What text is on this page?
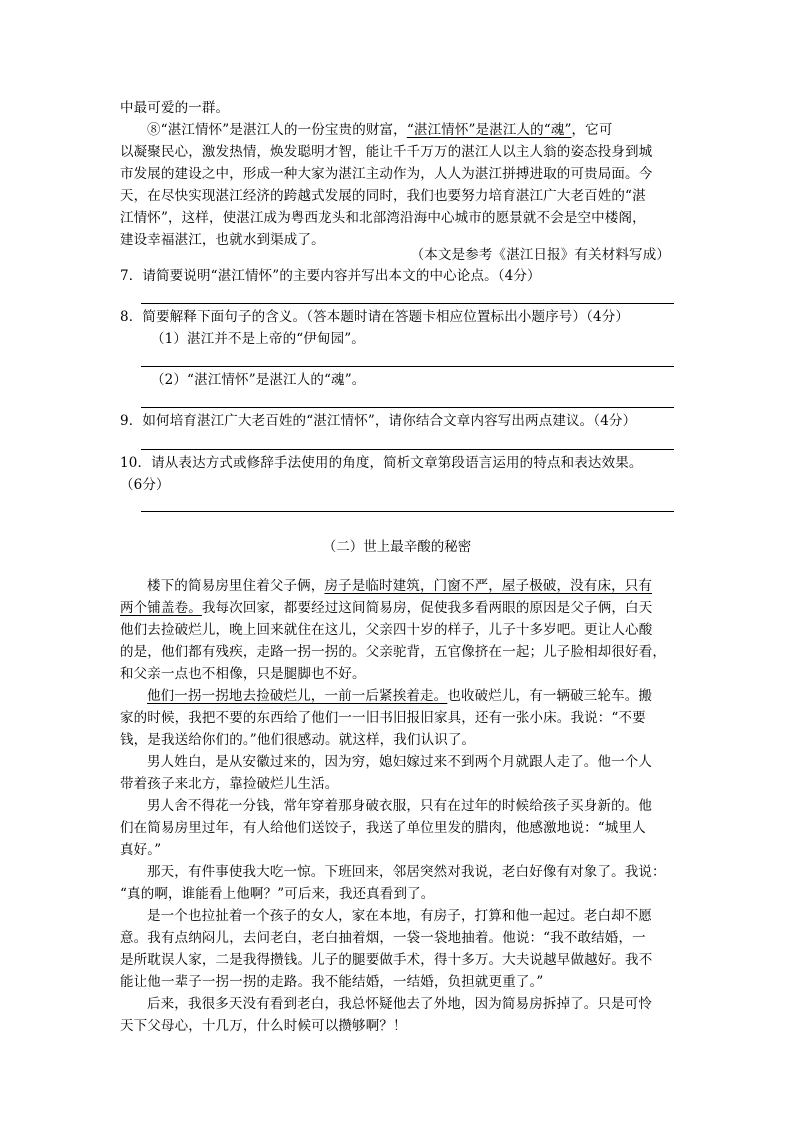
中最可爱的一群。
⑧“湛江情怀”是湛江人的一份宝贵的财富，“湛江情怀”是湛江人的“魂”，它可
以凝聚民心，激发热情，焕发聪明才智，能让千千万万的湛江人以主人翁的姿态投身到城
市发展的建设之中，形成一种大家为湛江主动作为，人人为湛江拼搏进取的可贵局面。今
天，在尽快实现湛江经济的跨越式发展的同时，我们也要努力培育湛江广大老百姓的“湛
江情怀”，这样，使湛江成为粤西龙头和北部湾沿海中心城市的愿景就不会是空中楼阁，
建设幸福湛江，也就水到渠成了。
（本文是参考《湛江日报》有关材料写成）
7．请简要说明“湛江情怀”的主要内容并写出本文的中心论点。（4分）
8．简要解释下面句子的含义。（答本题时请在答题卡相应位置标出小题序号）（4分）
（1）湛江并不是上帝的“伊甸园”。
（2）“湛江情怀”是湛江人的“魂”。
9．如何培育湛江广大老百姓的“湛江情怀”，请你结合文章内容写出两点建议。（4分）
10．请从表达方式或修辞手法使用的角度，简析文章第段语言运用的特点和表达效果。
（6分）
（二）世上最辛酸的秘密
楼下的简易房里住着父子俩，房子是临时建筑，门窗不严，屋子极破，没有床，只有
两个铺盖卷。我每次回家，都要经过这间简易房，促使我多看两眼的原因是父子俩，白天
他们去捡破烂儿，晚上回来就住在这儿，父亲四十岁的样子，儿子十多岁吧。更让人心酸
的是，他们都有残疾，走路一拐一拐的。父亲驼背，五官像挤在一起；儿子脸相却很好看，
和父亲一点也不相像，只是腿脚也不好。
他们一拐一拐地去捡破烂儿，一前一后紧挨着走。也收破烂儿，有一辆破三轮车。搬
家的时候，我把不要的东西给了他们一一旧书旧报旧家具，还有一张小床。我说：“不要
钱，是我送给你们的。”他们很感动。就这样，我们认识了。
男人姓白，是从安徽过来的，因为穷，媳妇嫁过来不到两个月就跟人走了。他一个人
带着孩子来北方，靠捡破烂儿生活。
男人舍不得花一分钱，常年穿着那身破衣服，只有在过年的时候给孩子买身新的。他
们在简易房里过年，有人给他们送饺子，我送了单位里发的腊肉，他感激地说：“城里人
真好。”
那天，有件事使我大吃一惊。下班回来，邻居突然对我说，老白好像有对象了。我说：
“真的啊，谁能看上他啊？”可后来，我还真看到了。
是一个也拉扯着一个孩子的女人，家在本地，有房子，打算和他一起过。老白却不愿
意。我有点纳闷儿，去问老白，老白抽着烟，一袋一袋地抽着。他说：“我不敢结婚，一
是所耽误人家，二是我得攒钱。儿子的腿要做手术，得十多万。大夫说越早做越好。我不
能让他一辈子一拐一拐的走路。我不能结婚，一结婚，负担就更重了。”
后来，我很多天没有看到老白，我总怀疑他去了外地，因为简易房拆掉了。只是可怜
天下父母心，十几万，什么时候可以攒够啊？！
